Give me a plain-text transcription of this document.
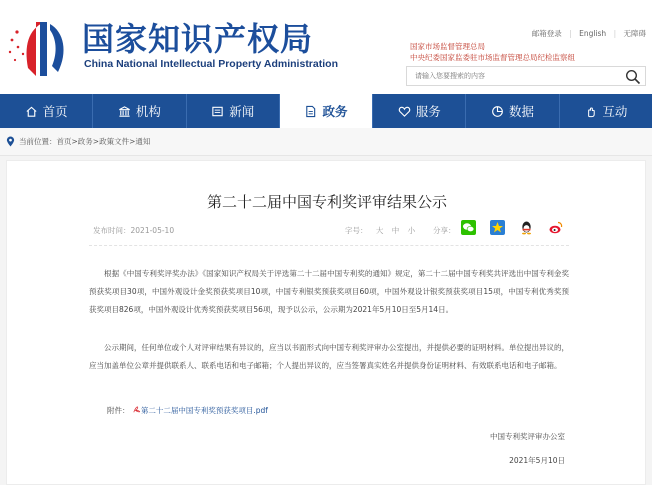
国家知识产权局
China National Intellectual Property Administration
邮箱登录 | English | 无障碍
国家市场监督管理总局
中央纪委国家监委驻市场监督管理总局纪检监察组
请输入您要搜索的内容
首页	机构	新闻	政务	服务	数据	互动
当前位置：首页>政务>政策文件>通知
第二十二届中国专利奖评审结果公示
发布时间：2021-05-10	字号： 大 中 小	分享：
  根据《中国专利奖评奖办法》《国家知识产权局关于评选第二十二届中国专利奖的通知》规定，第二十二届中国专利奖共评选出中国专利金奖预获奖项目30项，中国外观设计金奖预获奖项目10项，中国专利银奖预获奖项目60项，中国外观设计银奖预获奖项目15项，中国专利优秀奖预获奖项目826项，中国外观设计优秀奖预获奖项目56项，现予以公示，公示期为2021年5月10日至5月14日。
  公示期间，任何单位或个人对评审结果有异议的，应当以书面形式向中国专利奖评审办公室提出，并提供必要的证明材料。单位提出异议的，应当加盖单位公章并提供联系人、联系电话和电子邮箱；个人提出异议的，应当签署真实姓名并提供身份证明材料、有效联系电话和电子邮箱。
附件： 第二十二届中国专利奖预获奖项目.pdf
中国专利奖评审办公室
2021年5月10日
